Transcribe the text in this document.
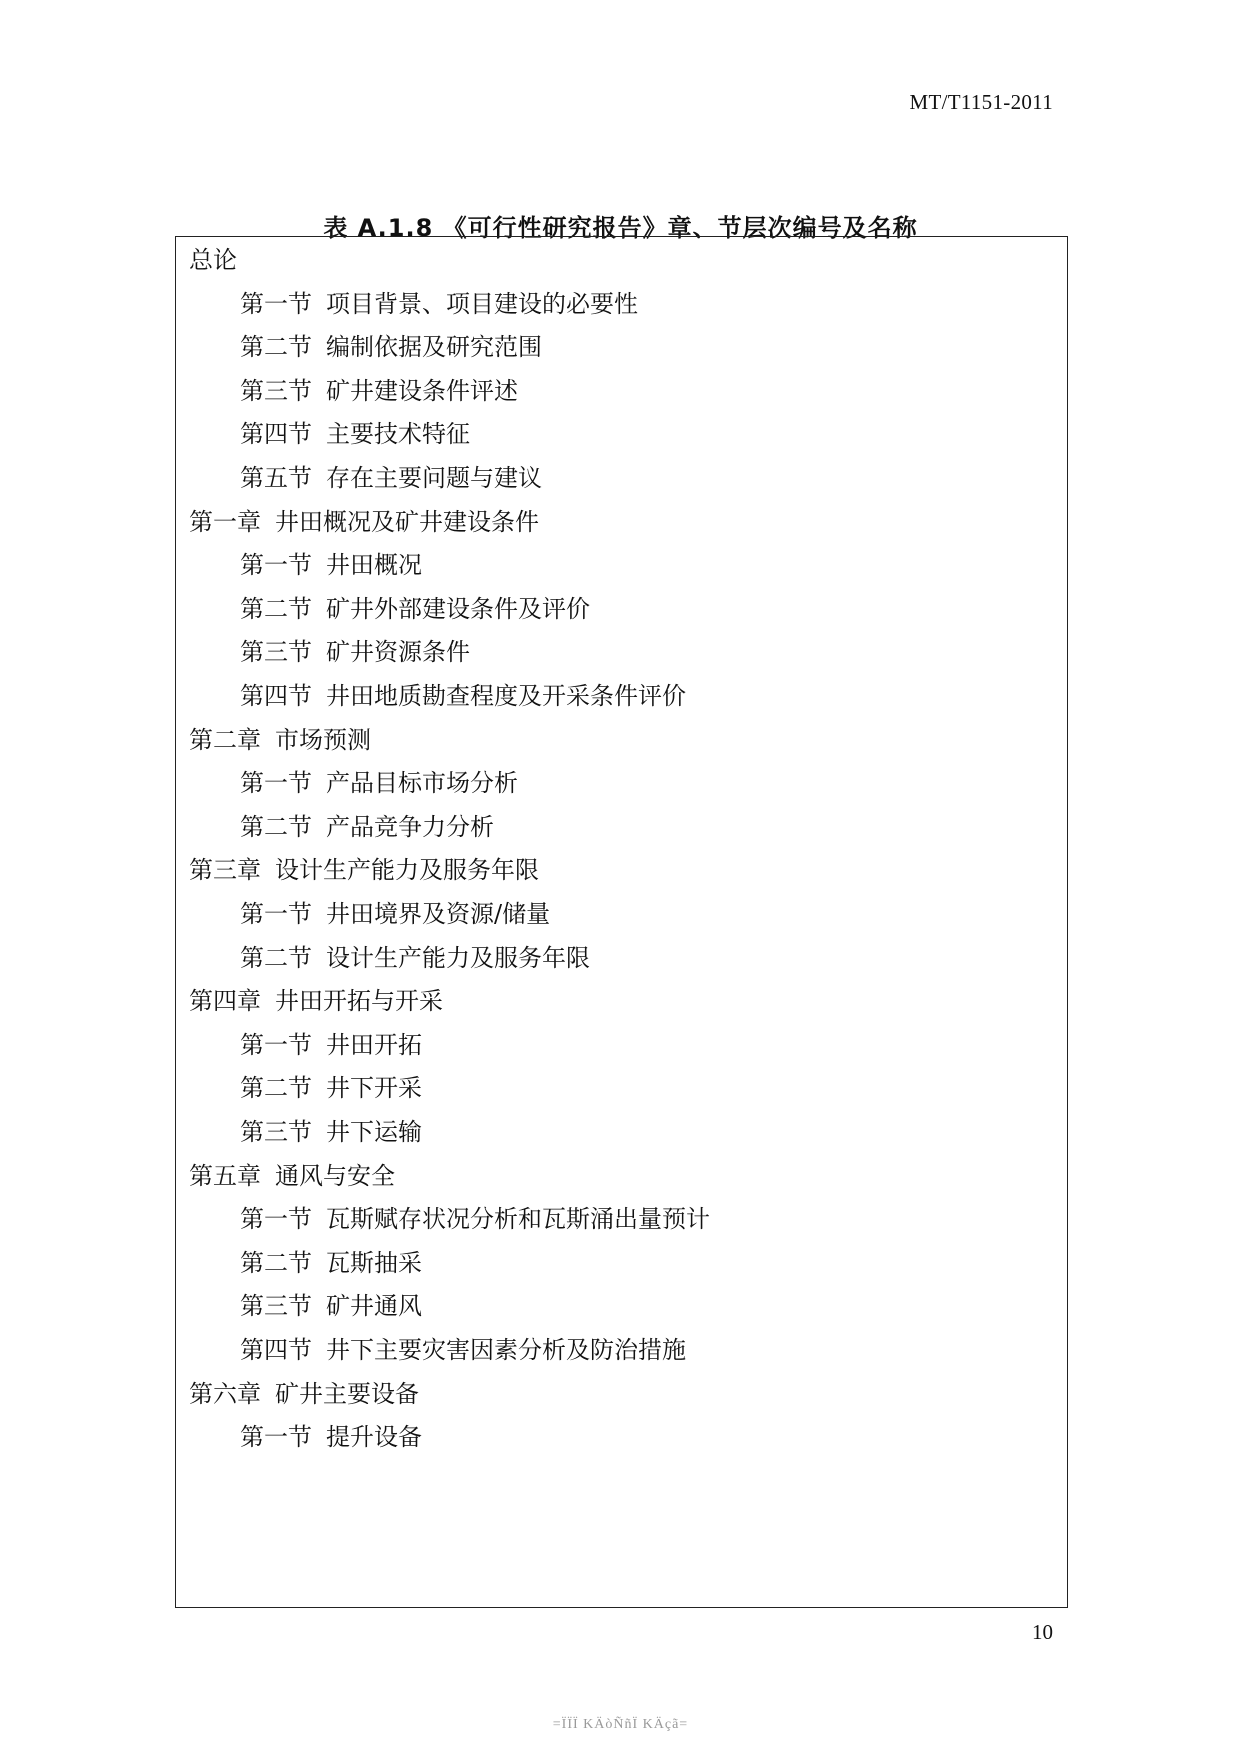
MT/T1151-2011
表 A.1.8 《可行性研究报告》章、节层次编号及名称
总论
第一节 项目背景、项目建设的必要性
第二节 编制依据及研究范围
第三节 矿井建设条件评述
第四节 主要技术特征
第五节 存在主要问题与建议
第一章 井田概况及矿井建设条件
第一节 井田概况
第二节 矿井外部建设条件及评价
第三节 矿井资源条件
第四节 井田地质勘查程度及开采条件评价
第二章 市场预测
第一节 产品目标市场分析
第二节 产品竞争力分析
第三章 设计生产能力及服务年限
第一节 井田境界及资源/储量
第二节 设计生产能力及服务年限
第四章 井田开拓与开采
第一节 井田开拓
第二节 井下开采
第三节 井下运输
第五章 通风与安全
第一节 瓦斯赋存状况分析和瓦斯涌出量预计
第二节 瓦斯抽采
第三节 矿井通风
第四节 井下主要灾害因素分析及防治措施
第六章 矿井主要设备
第一节 提升设备
10
=ÏÏÏ KÄòÑñÏ KÄçã=
